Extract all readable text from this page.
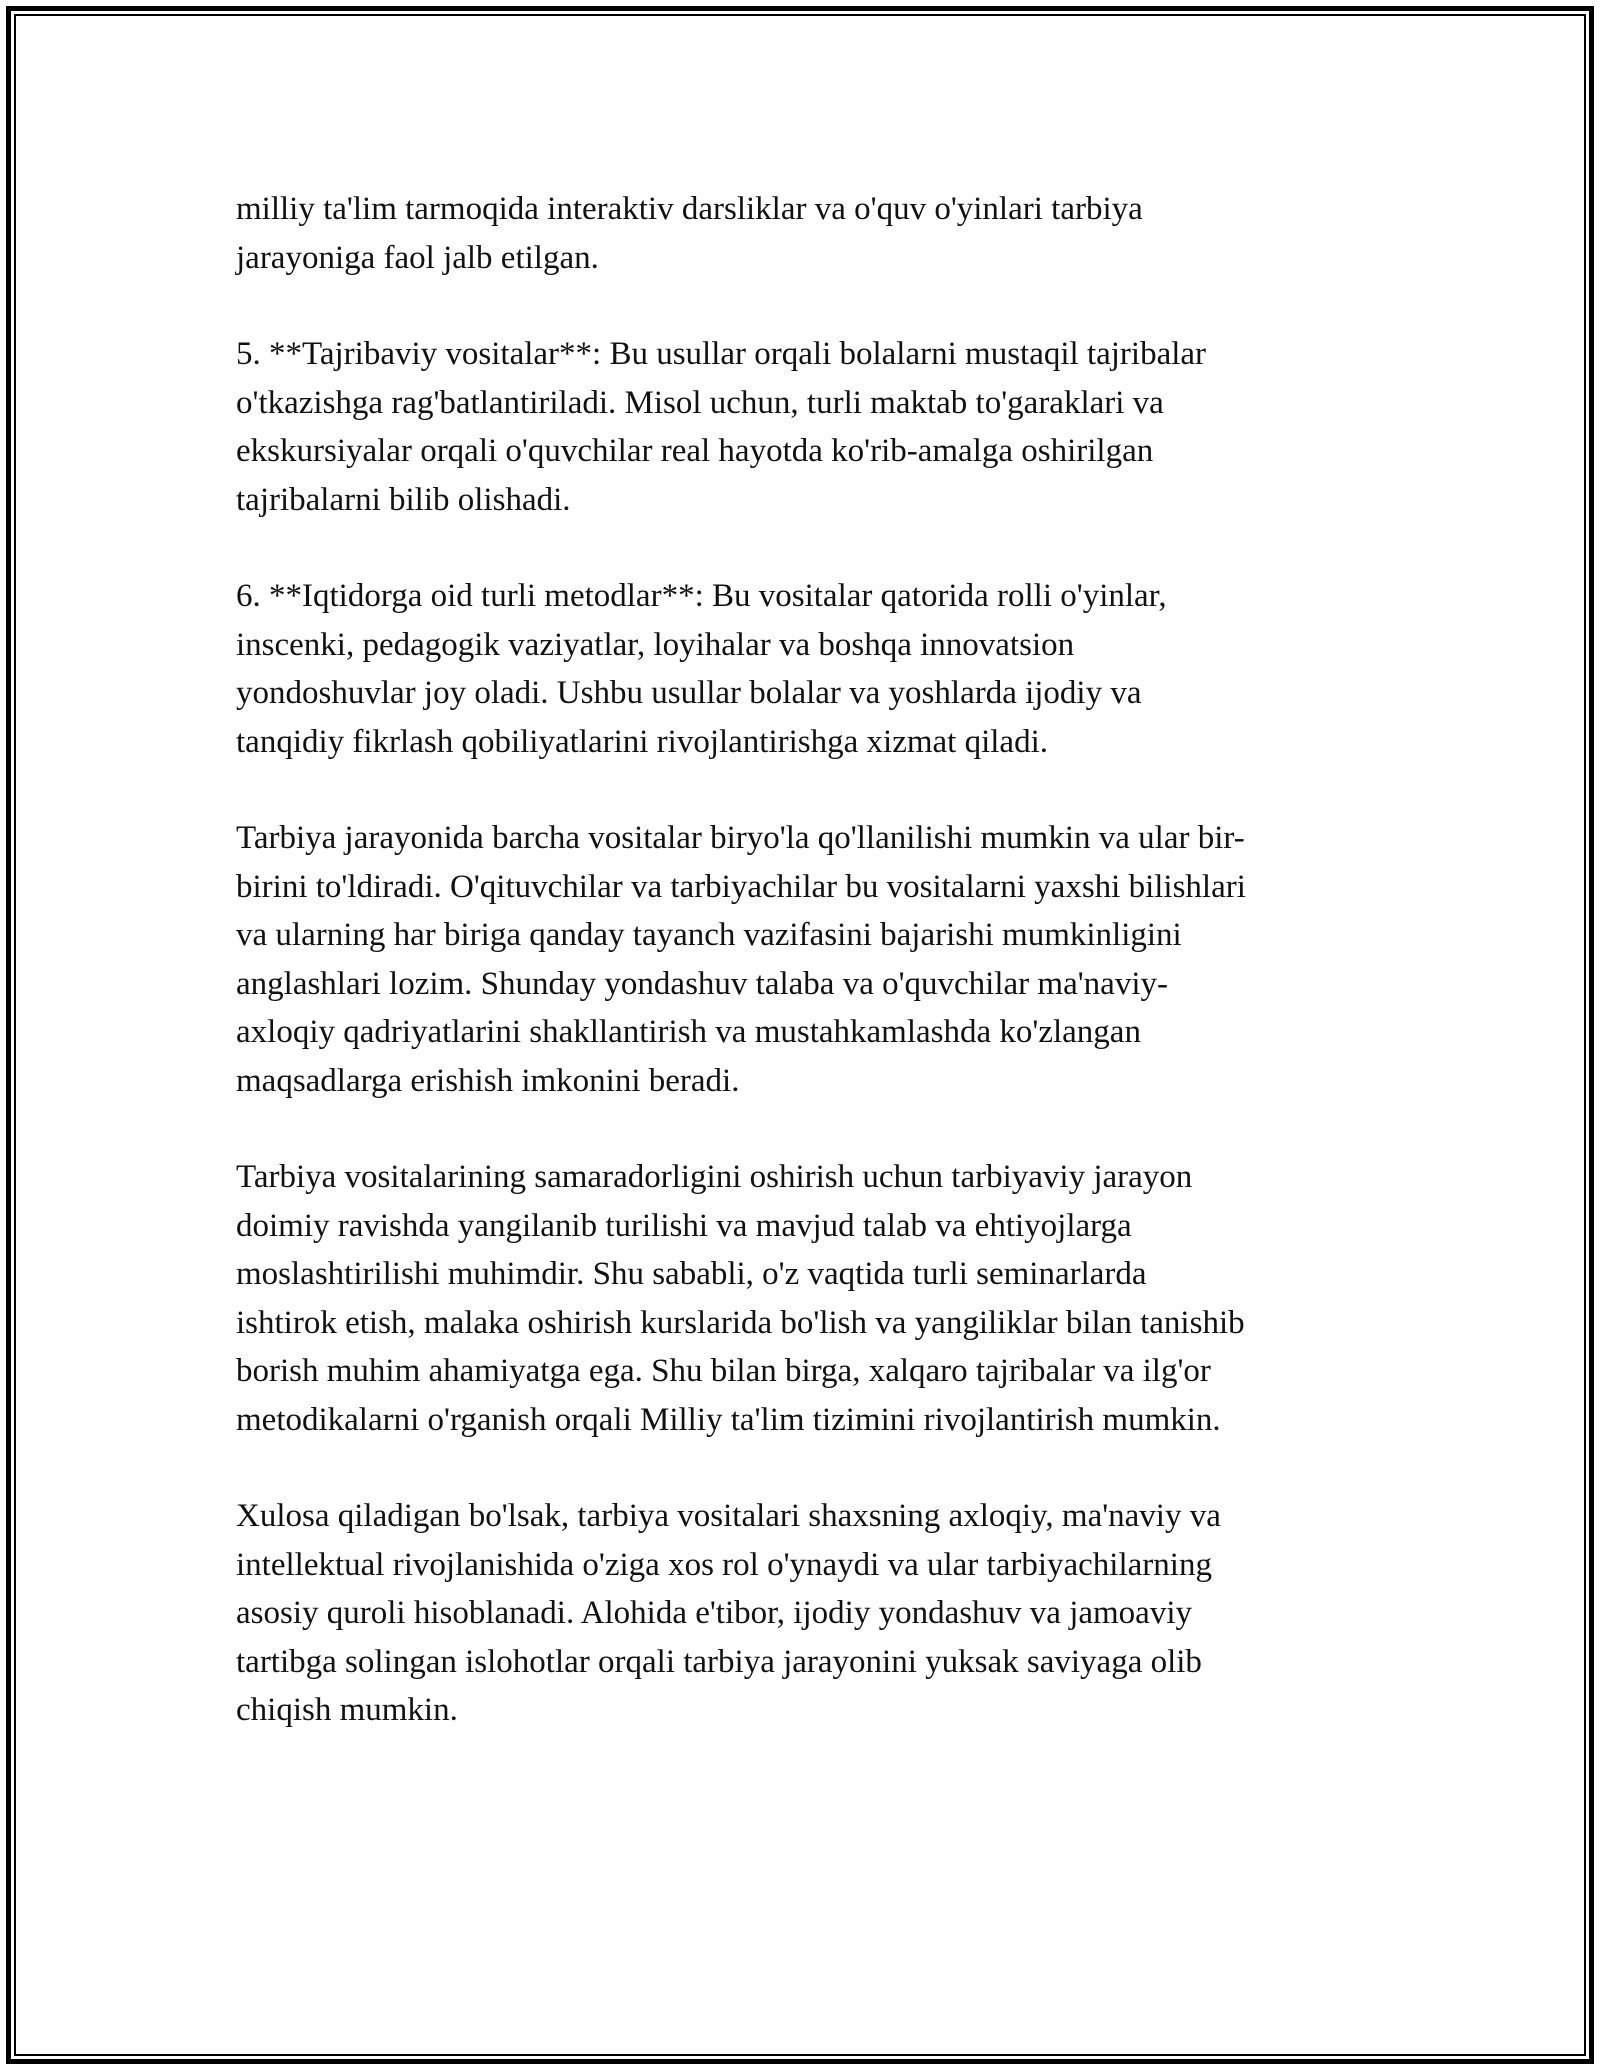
milliy ta'lim tarmoqida interaktiv darsliklar va o'quv o'yinlari tarbiya
jarayoniga faol jalb etilgan.

5. **Tajribaviy vositalar**: Bu usullar orqali bolalarni mustaqil tajribalar
o'tkazishga rag'batlantiriladi. Misol uchun, turli maktab to'garaklari va
ekskursiyalar orqali o'quvchilar real hayotda ko'rib-amalga oshirilgan
tajribalarni bilib olishadi.

6. **Iqtidorga oid turli metodlar**: Bu vositalar qatorida rolli o'yinlar,
inscenki, pedagogik vaziyatlar, loyihalar va boshqa innovatsion
yondoshuvlar joy oladi. Ushbu usullar bolalar va yoshlarda ijodiy va
tanqidiy fikrlash qobiliyatlarini rivojlantirishga xizmat qiladi.

Tarbiya jarayonida barcha vositalar biryo'la qo'llanilishi mumkin va ular bir-
birini to'ldiradi. O'qituvchilar va tarbiyachilar bu vositalarni yaxshi bilishlari
va ularning har biriga qanday tayanch vazifasini bajarishi mumkinligini
anglashlari lozim. Shunday yondashuv talaba va o'quvchilar ma'naviy-
axloqiy qadriyatlarini shakllantirish va mustahkamlashda ko'zlangan
maqsadlarga erishish imkonini beradi.

Tarbiya vositalarining samaradorligini oshirish uchun tarbiyaviy jarayon
doimiy ravishda yangilanib turilishi va mavjud talab va ehtiyojlarga
moslashtirilishi muhimdir. Shu sababli, o'z vaqtida turli seminarlarda
ishtirok etish, malaka oshirish kurslarida bo'lish va yangiliklar bilan tanishib
borish muhim ahamiyatga ega. Shu bilan birga, xalqaro tajribalar va ilg'or
metodikalarni o'rganish orqali Milliy ta'lim tizimini rivojlantirish mumkin.

Xulosa qiladigan bo'lsak, tarbiya vositalari shaxsning axloqiy, ma'naviy va
intellektual rivojlanishida o'ziga xos rol o'ynaydi va ular tarbiyachilarning
asosiy quroli hisoblanadi. Alohida e'tibor, ijodiy yondashuv va jamoaviy
tartibga solingan islohotlar orqali tarbiya jarayonini yuksak saviyaga olib
chiqish mumkin.
